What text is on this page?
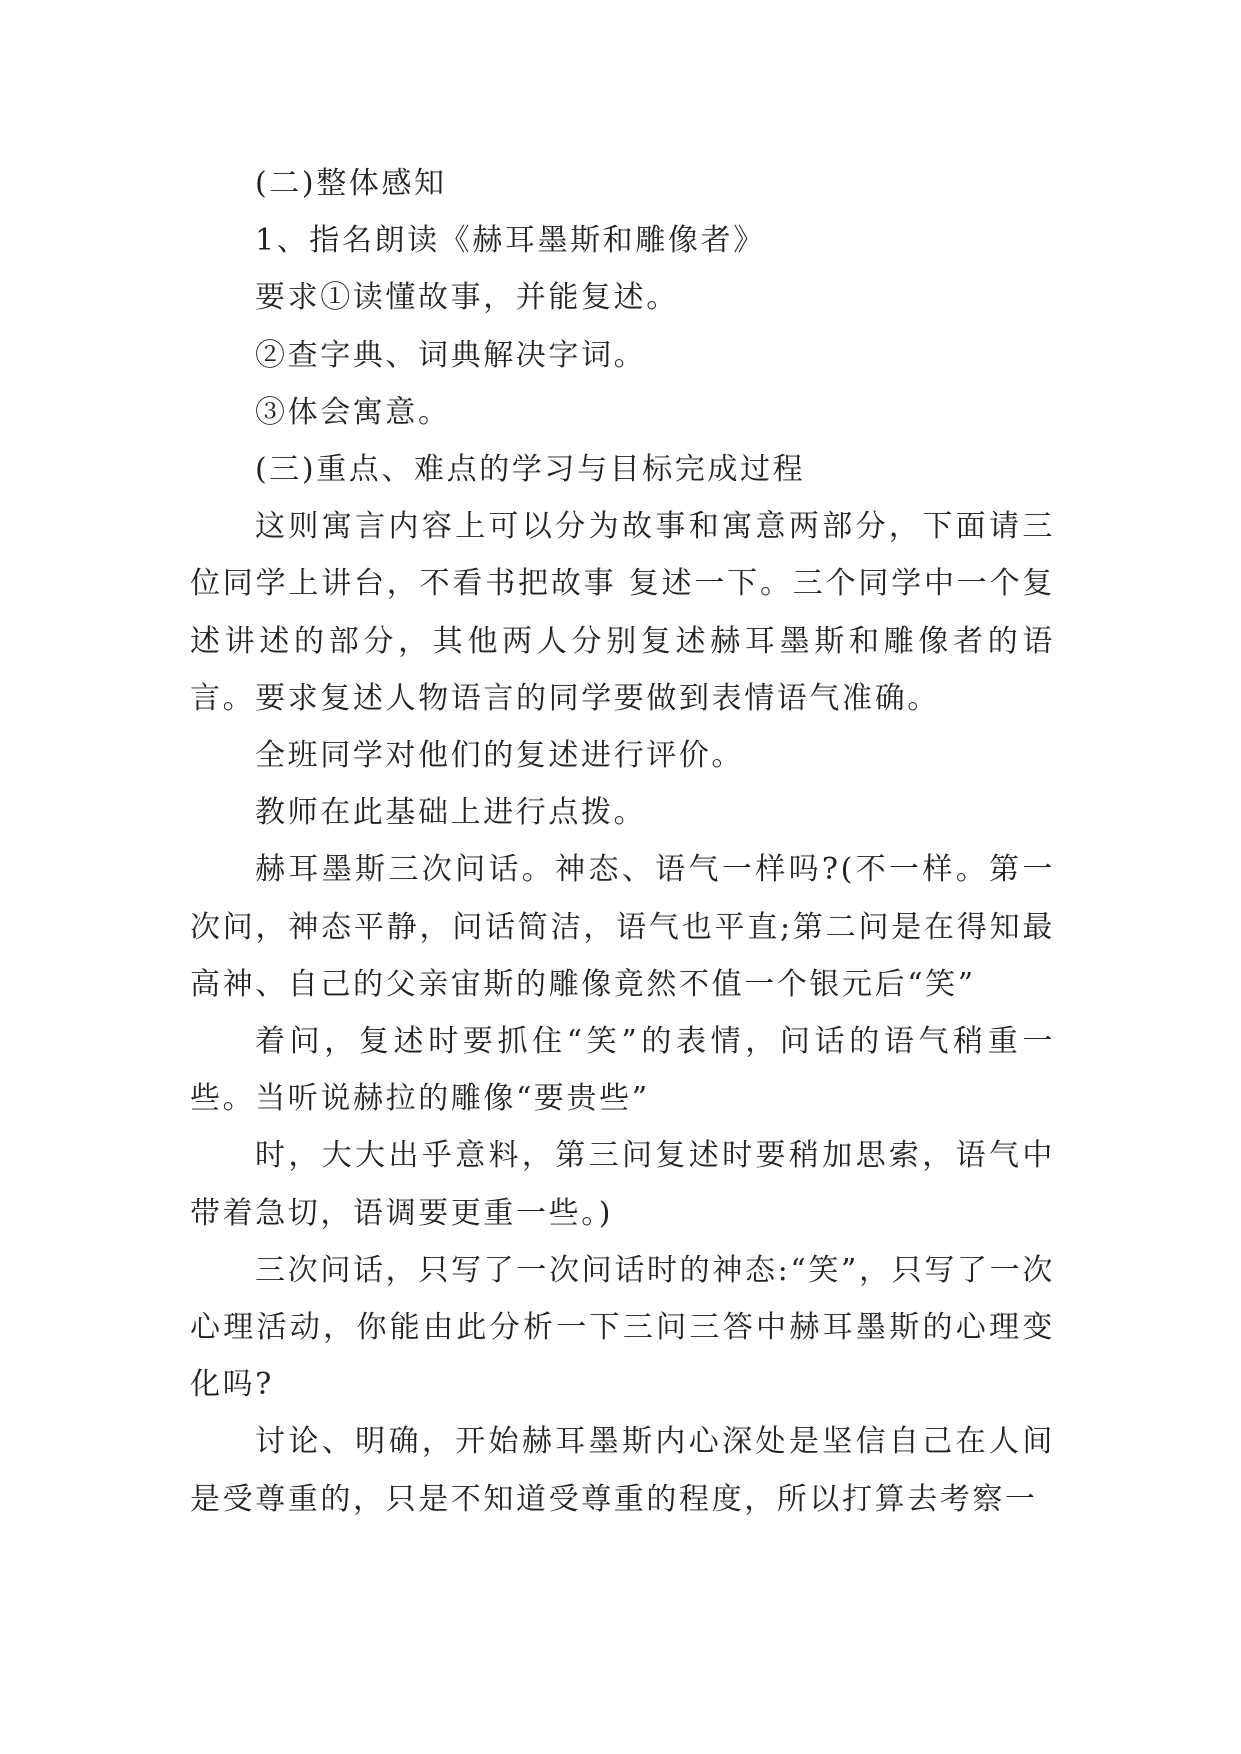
(二)整体感知

1、指名朗读《赫耳墨斯和雕像者》

要求①读懂故事，并能复述。

②查字典、词典解决字词。

③体会寓意。

(三)重点、难点的学习与目标完成过程

这则寓言内容上可以分为故事和寓意两部分，下面请三位同学上讲台，不看书把故事 复述一下。三个同学中一个复述讲述的部分，其他两人分别复述赫耳墨斯和雕像者的语言。要求复述人物语言的同学要做到表情语气准确。

全班同学对他们的复述进行评价。

教师在此基础上进行点拨。

赫耳墨斯三次问话。神态、语气一样吗?(不一样。第一次问，神态平静，问话简洁，语气也平直;第二问是在得知最高神、自己的父亲宙斯的雕像竟然不值一个银元后“笑”

着问，复述时要抓住“笑”的表情，问话的语气稍重一些。当听说赫拉的雕像“要贵些”

时，大大出乎意料，第三问复述时要稍加思索，语气中带着急切，语调要更重一些。)

三次问话，只写了一次问话时的神态:“笑”，只写了一次心理活动，你能由此分析一下三问三答中赫耳墨斯的心理变化吗?

讨论、明确，开始赫耳墨斯内心深处是坚信自己在人间是受尊重的，只是不知道受尊重的程度，所以打算去考察一
